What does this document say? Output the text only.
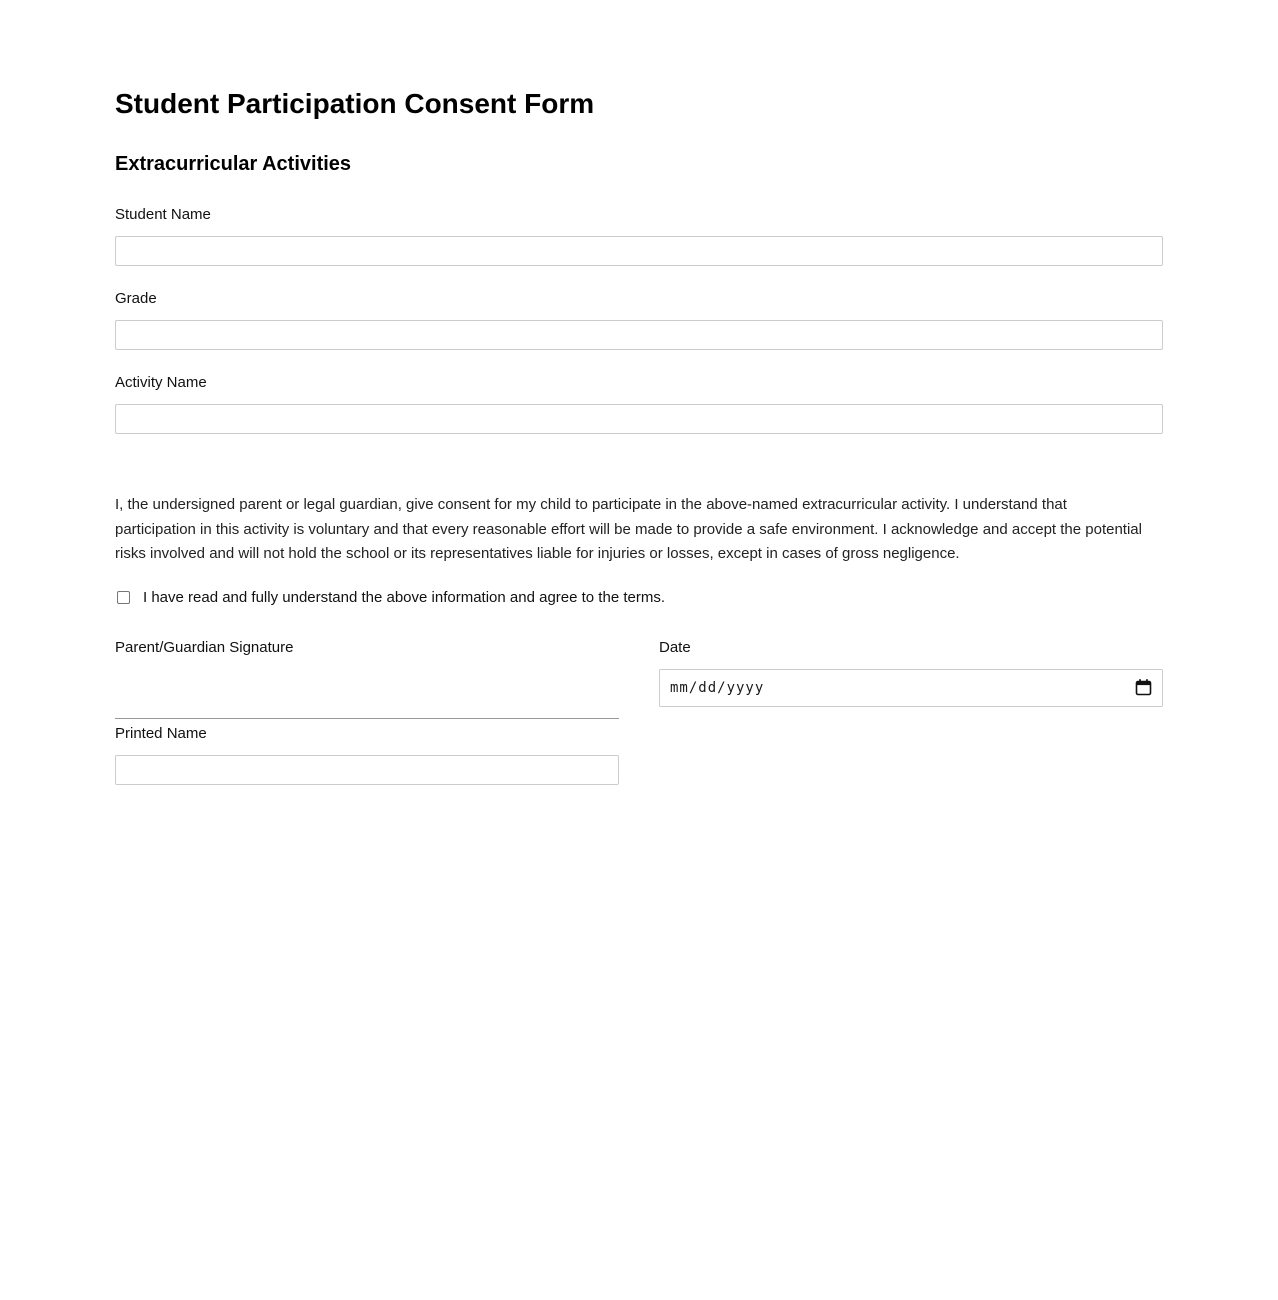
Student Participation Consent Form
Extracurricular Activities
Student Name
Grade
Activity Name

I, the undersigned parent or legal guardian, give consent for my child to participate in the above-named extracurricular activity. I understand that participation in this activity is voluntary and that every reasonable effort will be made to provide a safe environment. I acknowledge and accept the potential risks involved and will not hold the school or its representatives liable for injuries or losses, except in cases of gross negligence.

I have read and fully understand the above information and agree to the terms.
Parent/Guardian Signature
Printed Name
Date
mm/dd/yyyy
